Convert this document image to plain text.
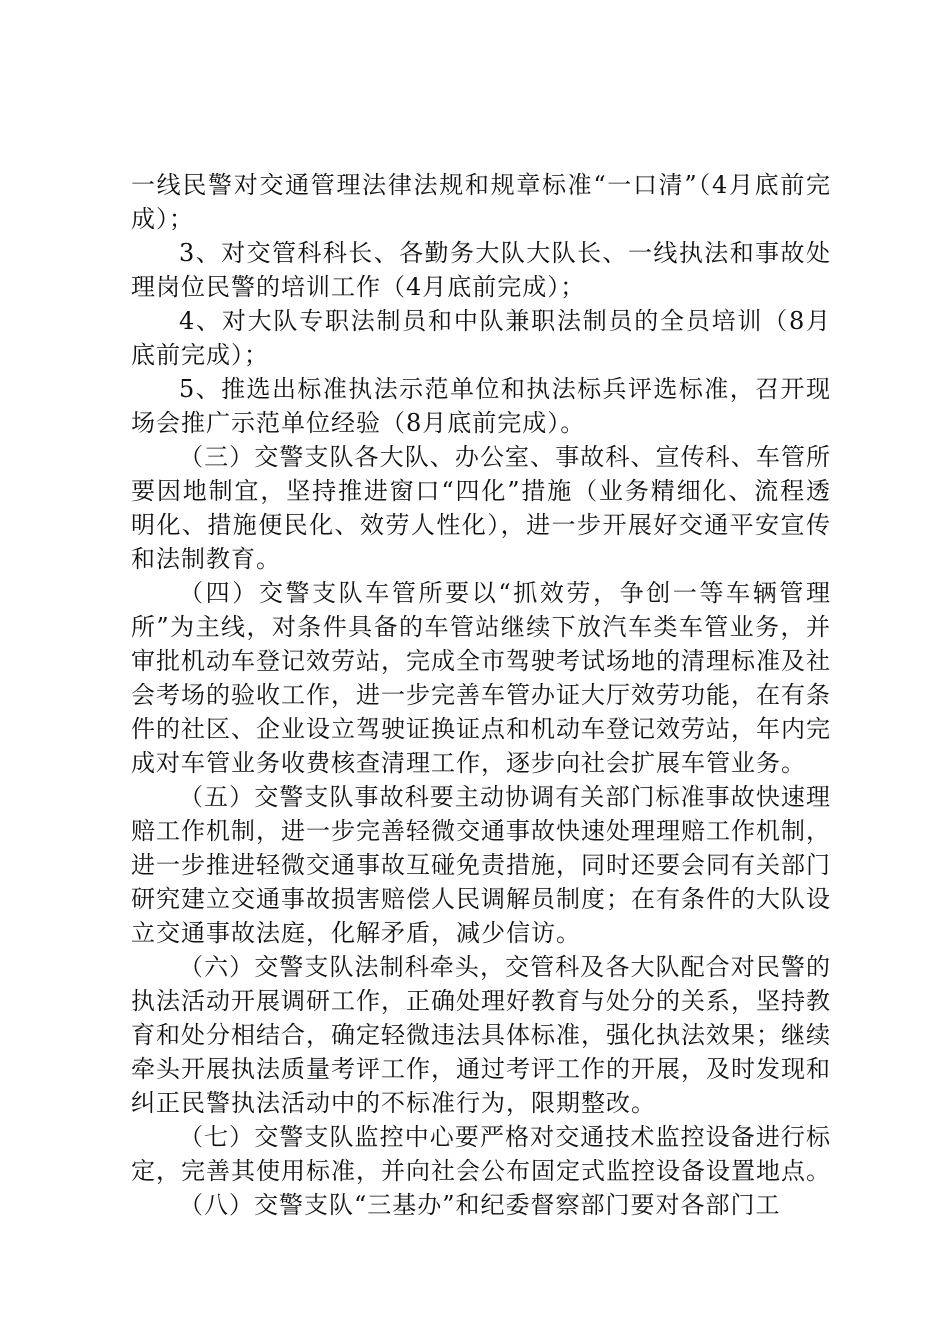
一线民警对交通管理法律法规和规章标准“一口清”（4月底前完成）；

3、对交管科科长、各勤务大队大队长、一线执法和事故处理岗位民警的培训工作（4月底前完成）；

4、对大队专职法制员和中队兼职法制员的全员培训（8月底前完成）；

5、推选出标准执法示范单位和执法标兵评选标准，召开现场会推广示范单位经验（8月底前完成）。

（三）交警支队各大队、办公室、事故科、宣传科、车管所要因地制宜，坚持推进窗口“四化”措施（业务精细化、流程透明化、措施便民化、效劳人性化），进一步开展好交通平安宣传和法制教育。

（四）交警支队车管所要以“抓效劳，争创一等车辆管理所”为主线，对条件具备的车管站继续下放汽车类车管业务，并审批机动车登记效劳站，完成全市驾驶考试场地的清理标准及社会考场的验收工作，进一步完善车管办证大厅效劳功能，在有条件的社区、企业设立驾驶证换证点和机动车登记效劳站，年内完成对车管业务收费核查清理工作，逐步向社会扩展车管业务。

（五）交警支队事故科要主动协调有关部门标准事故快速理赔工作机制，进一步完善轻微交通事故快速处理理赔工作机制，进一步推进轻微交通事故互碰免责措施，同时还要会同有关部门研究建立交通事故损害赔偿人民调解员制度；在有条件的大队设立交通事故法庭，化解矛盾，减少信访。

（六）交警支队法制科牵头，交管科及各大队配合对民警的执法活动开展调研工作，正确处理好教育与处分的关系，坚持教育和处分相结合，确定轻微违法具体标准，强化执法效果；继续牵头开展执法质量考评工作，通过考评工作的开展，及时发现和纠正民警执法活动中的不标准行为，限期整改。

（七）交警支队监控中心要严格对交通技术监控设备进行标定，完善其使用标准，并向社会公布固定式监控设备设置地点。

（八）交警支队“三基办”和纪委督察部门要对各部门工
